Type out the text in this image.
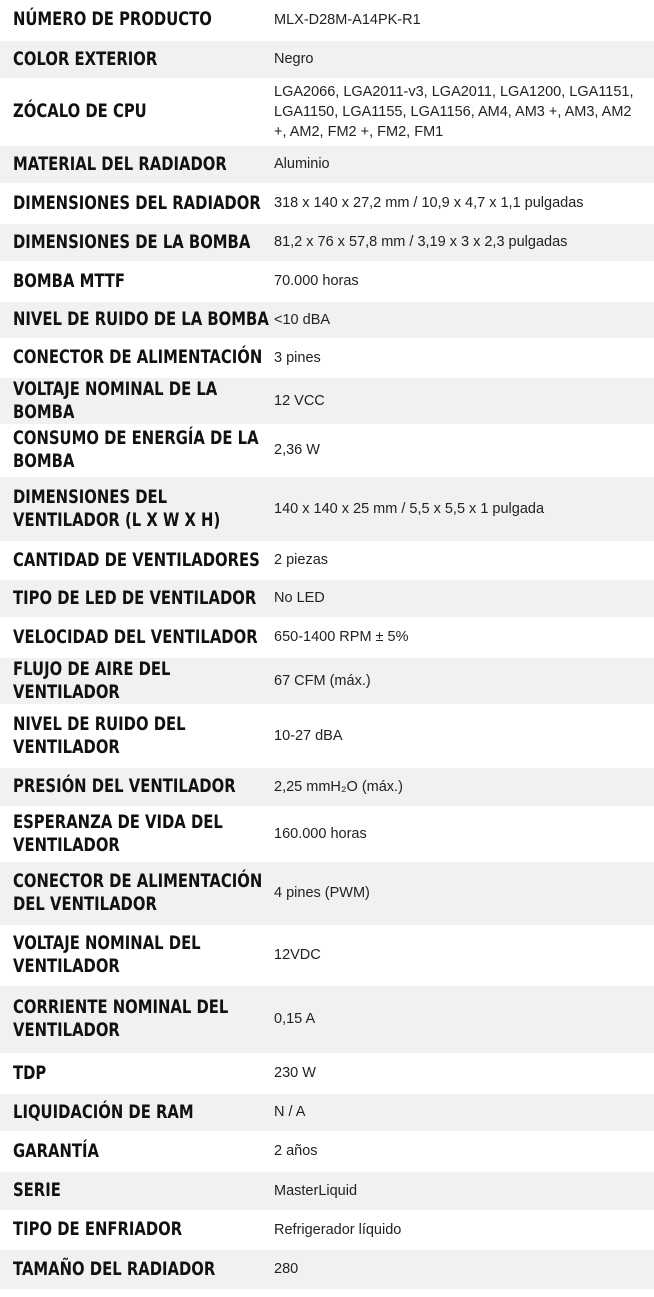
NÚMERO DE PRODUCTO	MLX-D28M-A14PK-R1

COLOR EXTERIOR	Negro

ZÓCALO DE CPU	LGA2066, LGA2011-v3, LGA2011, LGA1200, LGA1151, LGA1150, LGA1155, LGA1156, AM4, AM3 +, AM3, AM2 +, AM2, FM2 +, FM2, FM1

MATERIAL DEL RADIADOR	Aluminio

DIMENSIONES DEL RADIADOR	318 x 140 x 27,2 mm / 10,9 x 4,7 x 1,1 pulgadas

DIMENSIONES DE LA BOMBA	81,2 x 76 x 57,8 mm / 3,19 x 3 x 2,3 pulgadas

BOMBA MTTF	70.000 horas

NIVEL DE RUIDO DE LA BOMBA	<10 dBA

CONECTOR DE ALIMENTACIÓN	3 pines

VOLTAJE NOMINAL DE LA BOMBA	12 VCC

CONSUMO DE ENERGÍA DE LA BOMBA	2,36 W

DIMENSIONES DEL VENTILADOR (L X W X H)	140 x 140 x 25 mm / 5,5 x 5,5 x 1 pulgada

CANTIDAD DE VENTILADORES	2 piezas

TIPO DE LED DE VENTILADOR	No LED

VELOCIDAD DEL VENTILADOR	650-1400 RPM ± 5%

FLUJO DE AIRE DEL VENTILADOR	67 CFM (máx.)

NIVEL DE RUIDO DEL VENTILADOR	10-27 dBA

PRESIÓN DEL VENTILADOR	2,25 mmH₂O (máx.)

ESPERANZA DE VIDA DEL VENTILADOR	160.000 horas

CONECTOR DE ALIMENTACIÓN DEL VENTILADOR	4 pines (PWM)

VOLTAJE NOMINAL DEL VENTILADOR	12VDC

CORRIENTE NOMINAL DEL VENTILADOR	0,15 A

TDP	230 W

LIQUIDACIÓN DE RAM	N / A

GARANTÍA	2 años

SERIE	MasterLiquid

TIPO DE ENFRIADOR	Refrigerador líquido

TAMAÑO DEL RADIADOR	280
